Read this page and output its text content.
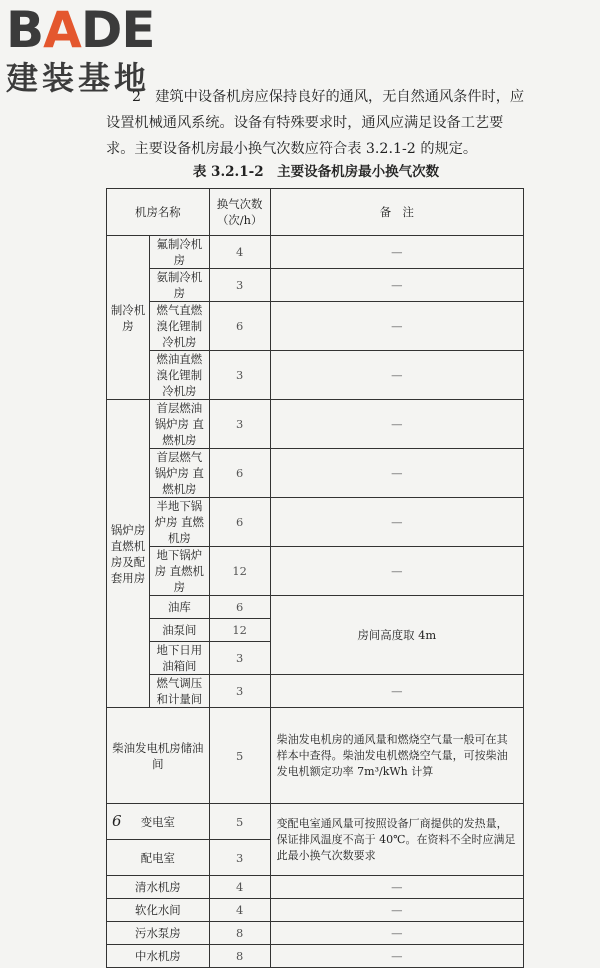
BADE
建装基地
2　建筑中设备机房应保持良好的通风，无自然通风条件时，应设置机械通风系统。设备有特殊要求时，通风应满足设备工艺要求。主要设备机房最小换气次数应符合表 3.2.1-2 的规定。
表 3.2.1-2　主要设备机房最小换气次数
机房名称		换气次数（次/h）	备　注
制冷机房	氟制冷机房	4	—
	氨制冷机房	3	—
	燃气直燃溴化锂制冷机房	6	—
	燃油直燃溴化锂制冷机房	3	—
锅炉房直燃机房及配套用房	首层燃油锅炉房 直燃机房	3	—
	首层燃气锅炉房 直燃机房	6	—
	半地下锅炉房 直燃机房	6	—
	地下锅炉房 直燃机房	12	—
	油库	6	房间高度取 4m
	油泵间	12	
	地下日用油箱间	3	
	燃气调压和计量间	3	—
柴油发电机房储油间		5	柴油发电机房的通风量和燃烧空气量一般可在其样本中查得。柴油发电机燃烧空气量，可按柴油发电机额定功率 7m³/kWh 计算
变电室		5	变配电室通风量可按照设备厂商提供的发热量，保证排风温度不高于 40℃。在资料不全时应满足此最小换气次数要求
配电室		3	
清水机房		4	—
软化水间		4	—
污水泵房		8	—
中水机房		8	—
6
